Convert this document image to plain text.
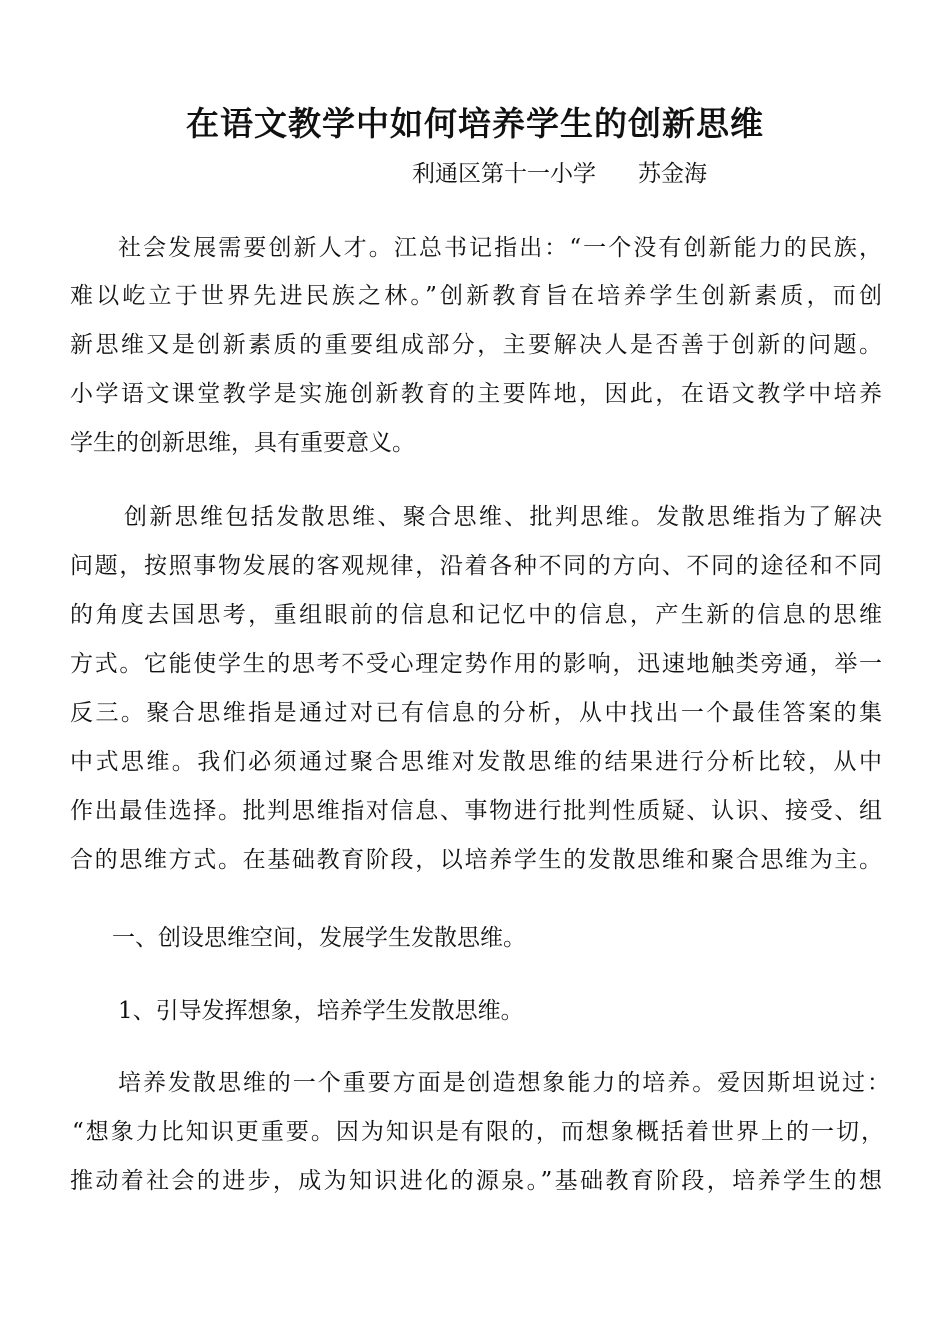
在语文教学中如何培养学生的创新思维
利通区第十一小学 苏金海
社会发展需要创新人才。江总书记指出：“一个没有创新能力的民族，
难以屹立于世界先进民族之林。”创新教育旨在培养学生创新素质，而创
新思维又是创新素质的重要组成部分，主要解决人是否善于创新的问题。
小学语文课堂教学是实施创新教育的主要阵地，因此，在语文教学中培养
学生的创新思维，具有重要意义。
创新思维包括发散思维、聚合思维、批判思维。发散思维指为了解决
问题，按照事物发展的客观规律，沿着各种不同的方向、不同的途径和不同
的角度去国思考，重组眼前的信息和记忆中的信息，产生新的信息的思维
方式。它能使学生的思考不受心理定势作用的影响，迅速地触类旁通，举一
反三。聚合思维指是通过对已有信息的分析，从中找出一个最佳答案的集
中式思维。我们必须通过聚合思维对发散思维的结果进行分析比较，从中
作出最佳选择。批判思维指对信息、事物进行批判性质疑、认识、接受、组
合的思维方式。在基础教育阶段，以培养学生的发散思维和聚合思维为主。
一、创设思维空间，发展学生发散思维。
1、引导发挥想象，培养学生发散思维。
培养发散思维的一个重要方面是创造想象能力的培养。爱因斯坦说过：
“想象力比知识更重要。因为知识是有限的，而想象概括着世界上的一切，
推动着社会的进步，成为知识进化的源泉。”基础教育阶段，培养学生的想
